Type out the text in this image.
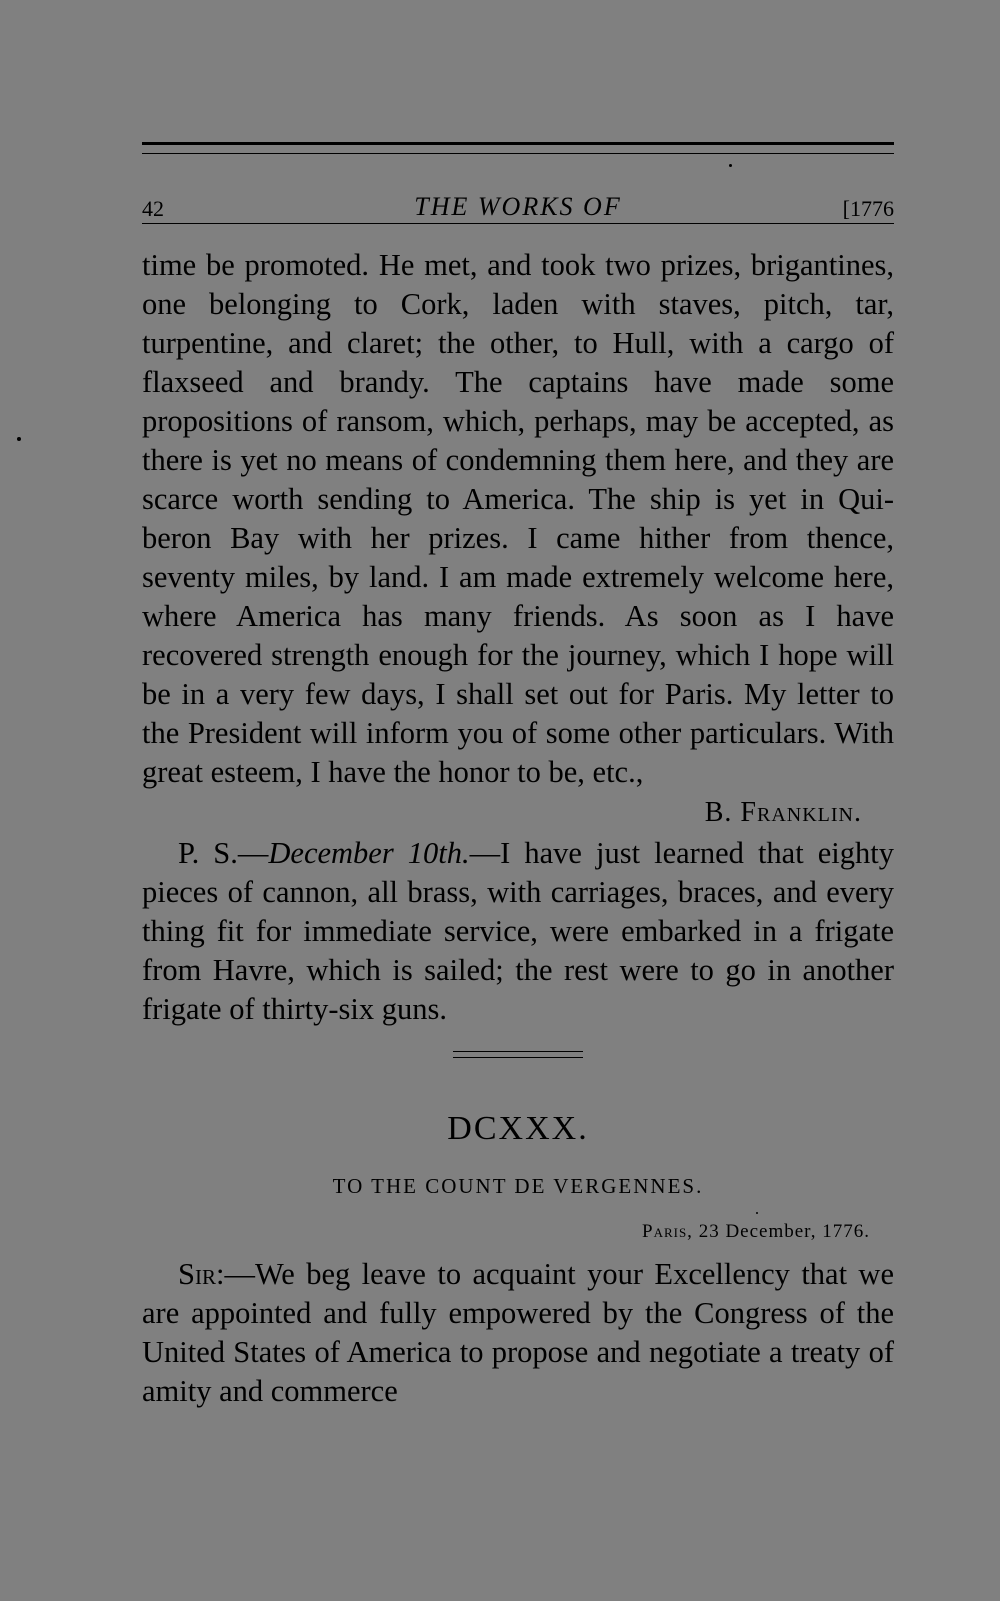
42	THE WORKS OF	[1776
time be promoted. He met, and took two prizes, brigantines, one belonging to Cork, laden with staves, pitch, tar, turpentine, and claret; the other, to Hull, with a cargo of flaxseed and brandy. The captains have made some propositions of ransom, which, perhaps, may be accepted, as there is yet no means of condemning them here, and they are scarce worth sending to America. The ship is yet in Qui- beron Bay with her prizes. I came hither from thence, seventy miles, by land. I am made extremely welcome here, where America has many friends. As soon as I have recovered strength enough for the journey, which I hope will be in a very few days, I shall set out for Paris. My letter to the President will inform you of some other particulars. With great esteem, I have the honor to be, etc.,
B. Franklin.
P. S.—December 10th.—I have just learned that eighty pieces of cannon, all brass, with carriages, braces, and every thing fit for immediate service, were embarked in a frigate from Havre, which is sailed; the rest were to go in another frigate of thirty-six guns.
DCXXX.
TO THE COUNT DE VERGENNES.
Paris, 23 December, 1776.
Sir:—We beg leave to acquaint your Excellency that we are appointed and fully empowered by the Congress of the United States of America to propose and negotiate a treaty of amity and commerce
